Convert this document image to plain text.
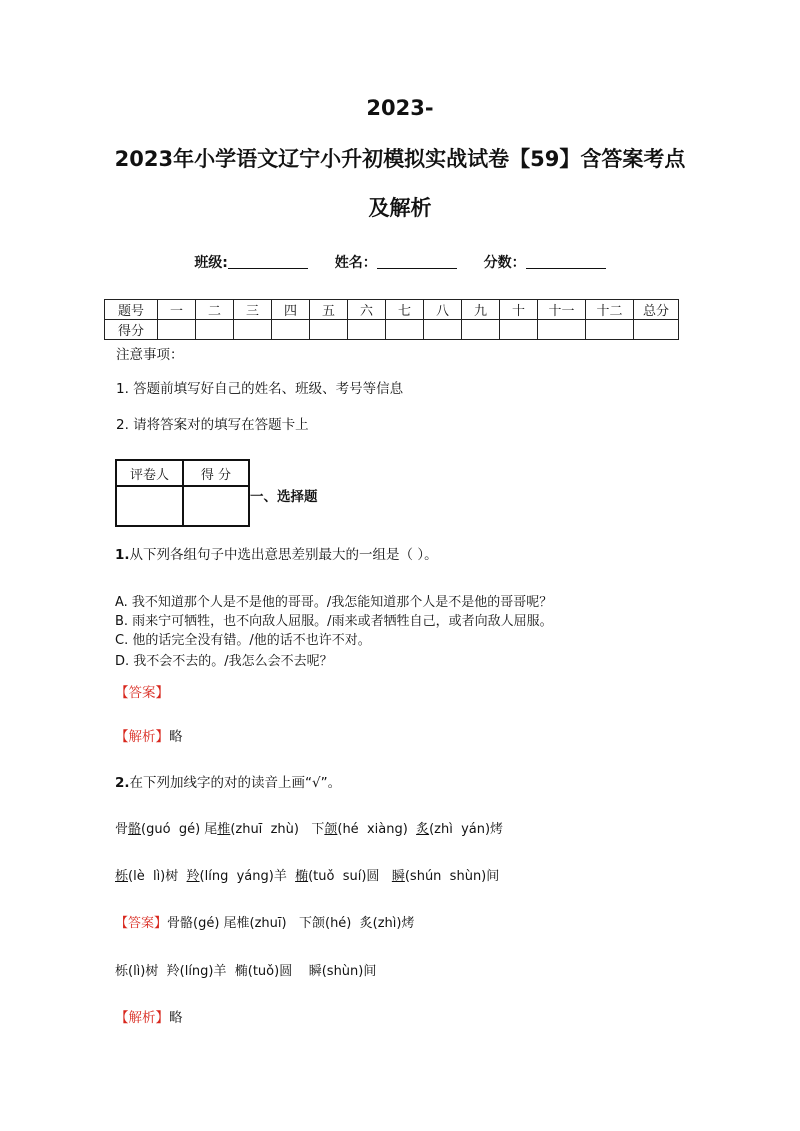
2023-
2023年小学语文辽宁小升初模拟实战试卷【59】含答案考点
及解析
班级:	姓名：	分数：
题号	一	二	三	四	五	六	七	八	九	十	十一	十二	总分
得分													
注意事项：
1. 答题前填写好自己的姓名、班级、考号等信息
2. 请将答案对的填写在答题卡上
评卷人	得 分

一、选择题
1.从下列各组句子中选出意思差别最大的一组是（ ）。
A. 我不知道那个人是不是他的哥哥。/我怎能知道那个人是不是他的哥哥呢？
B. 雨来宁可牺牲，也不向敌人屈服。/雨来或者牺牲自己，或者向敌人屈服。
C. 他的话完全没有错。/他的话不也许不对。
D. 我不会不去的。/我怎么会不去呢？
【答案】
【解析】略
2.在下列加线字的对的读音上画“√”。
骨骼(guó  gé) 尾椎(zhuī  zhù)   下颌(hé  xiàng)  炙(zhì  yán)烤
栎(lè  lì)树  羚(líng  yáng)羊  椭(tuǒ  suí)圆   瞬(shún  shùn)间
【答案】骨骼(gé) 尾椎(zhuī)   下颌(hé)  炙(zhì)烤
栎(lì)树  羚(líng)羊  椭(tuǒ)圆    瞬(shùn)间
【解析】略
